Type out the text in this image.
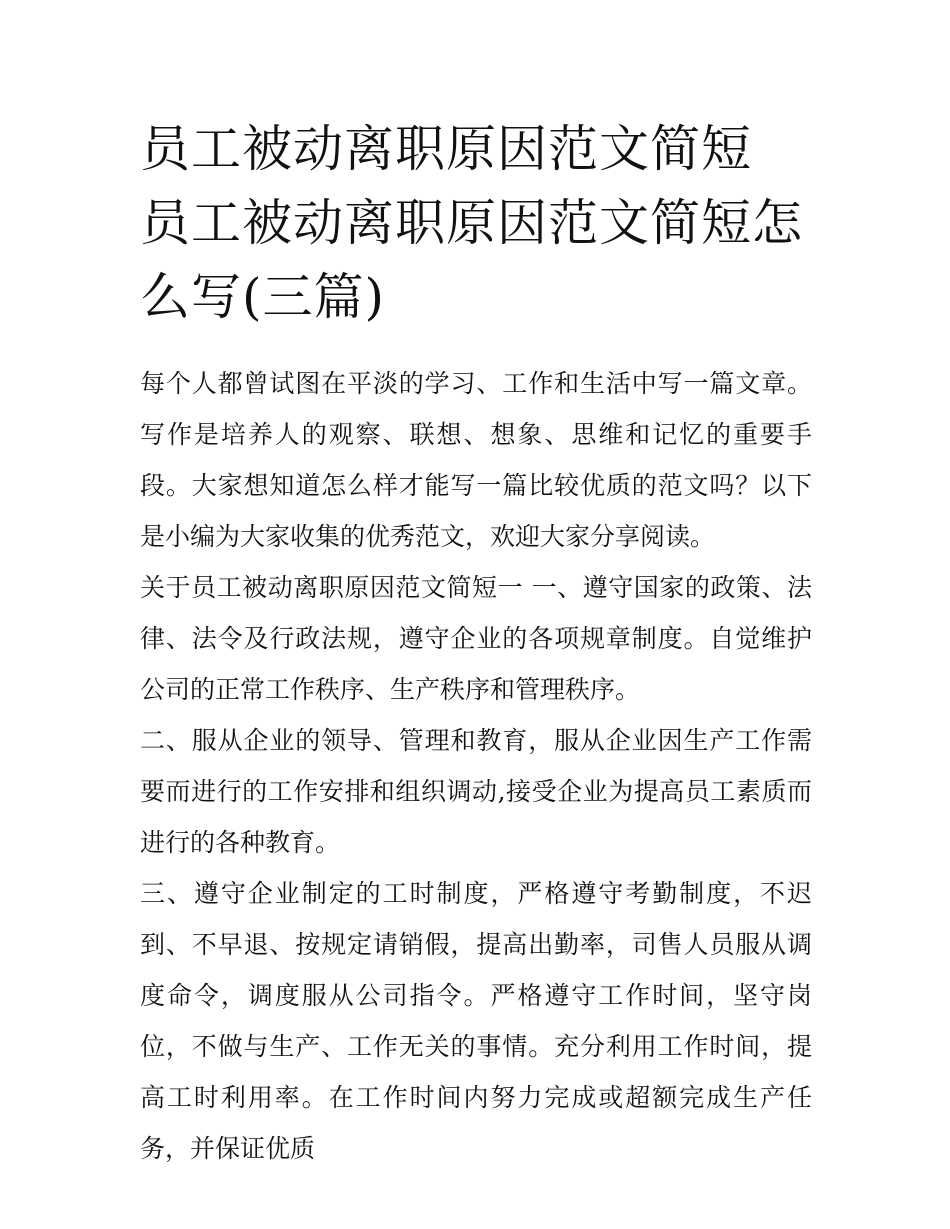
员工被动离职原因范文简短 员工被动离职原因范文简短怎么写(三篇)

每个人都曾试图在平淡的学习、工作和生活中写一篇文章。写作是培养人的观察、联想、想象、思维和记忆的重要手段。大家想知道怎么样才能写一篇比较优质的范文吗？以下是小编为大家收集的优秀范文，欢迎大家分享阅读。

关于员工被动离职原因范文简短一 一、遵守国家的政策、法律、法令及行政法规，遵守企业的各项规章制度。自觉维护公司的正常工作秩序、生产秩序和管理秩序。

二、服从企业的领导、管理和教育，服从企业因生产工作需要而进行的工作安排和组织调动,接受企业为提高员工素质而进行的各种教育。

三、遵守企业制定的工时制度，严格遵守考勤制度，不迟到、不早退、按规定请销假，提高出勤率，司售人员服从调度命令，调度服从公司指令。严格遵守工作时间，坚守岗位，不做与生产、工作无关的事情。充分利用工作时间，提高工时利用率。在工作时间内努力完成或超额完成生产任务，并保证优质
